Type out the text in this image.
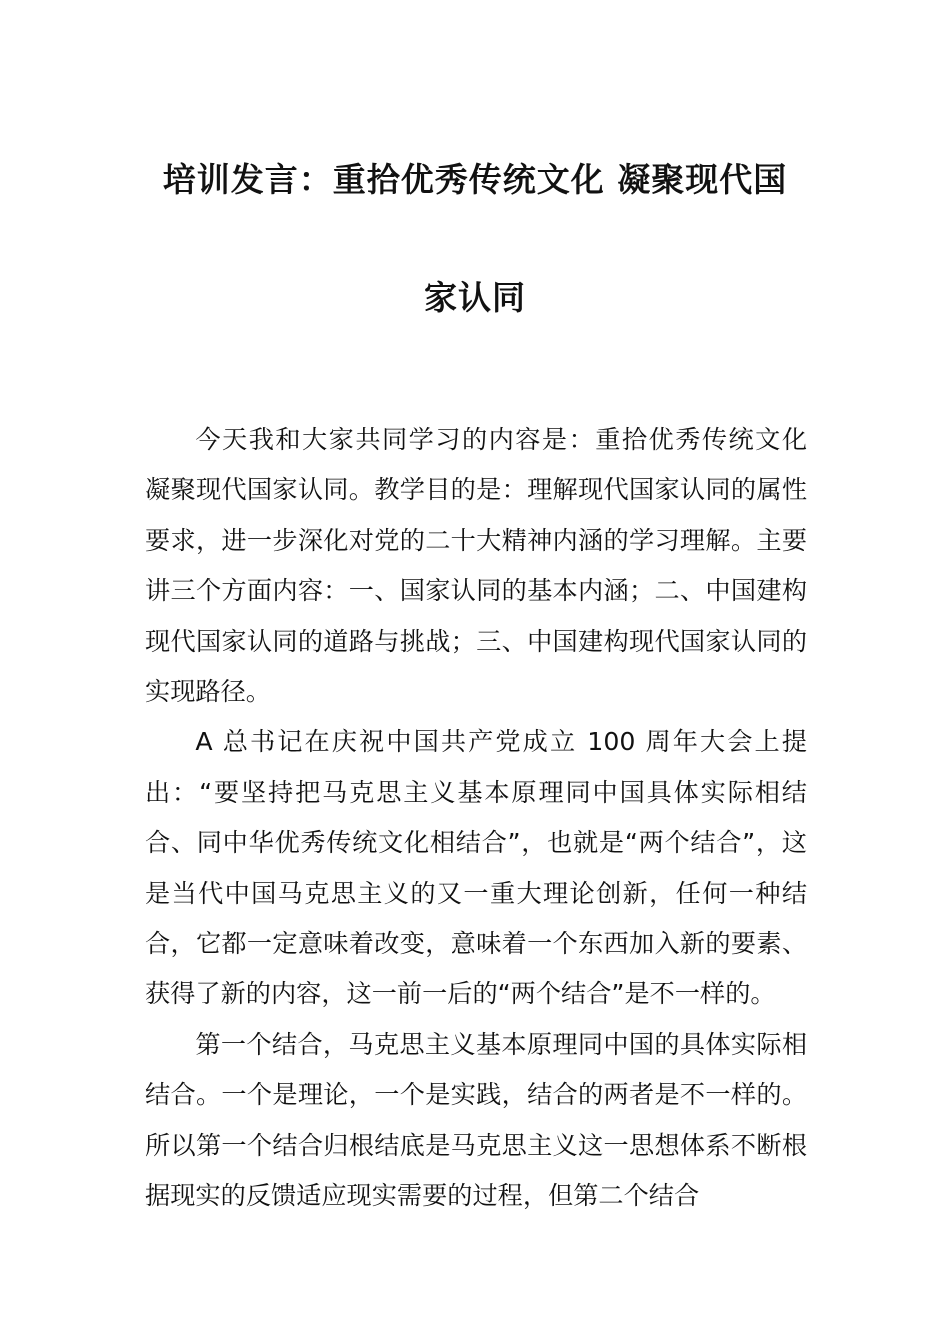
培训发言：重拾优秀传统文化 凝聚现代国
家认同

今天我和大家共同学习的内容是：重拾优秀传统文化 凝聚现代国家认同。教学目的是：理解现代国家认同的属性要求，进一步深化对党的二十大精神内涵的学习理解。主要讲三个方面内容：一、国家认同的基本内涵；二、中国建构现代国家认同的道路与挑战；三、中国建构现代国家认同的实现路径。

A 总书记在庆祝中国共产党成立 100 周年大会上提出：“要坚持把马克思主义基本原理同中国具体实际相结合、同中华优秀传统文化相结合”，也就是“两个结合”，这是当代中国马克思主义的又一重大理论创新，任何一种结合，它都一定意味着改变，意味着一个东西加入新的要素、获得了新的内容，这一前一后的“两个结合”是不一样的。

第一个结合，马克思主义基本原理同中国的具体实际相结合。一个是理论，一个是实践，结合的两者是不一样的。所以第一个结合归根结底是马克思主义这一思想体系不断根据现实的反馈适应现实需要的过程，但第二个结合
